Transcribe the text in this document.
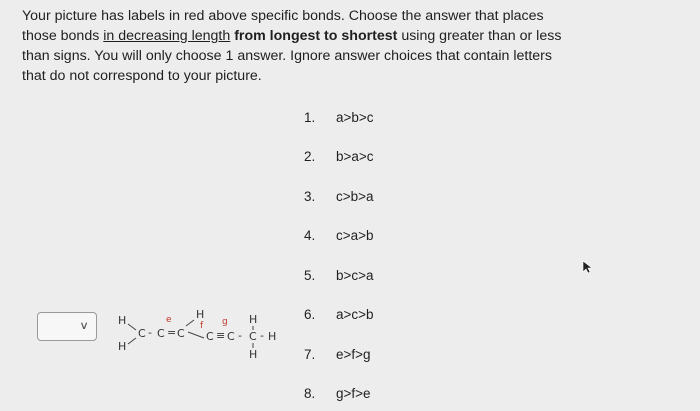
Your picture has labels in red above specific bonds. Choose the answer that places those bonds in decreasing length from longest to shortest using greater than or less than signs. You will only choose 1 answer. Ignore answer choices that contain letters that do not correspond to your picture.

1. a>b>c
2. b>a>c
3. c>b>a
4. c>a>b
5. b>c>a
6. a>c>b
7. e>f>g
8. g>f>e
∨	H
H
C - C
e
= C
H
f
C
g
≡ C - C
H
H
- H
